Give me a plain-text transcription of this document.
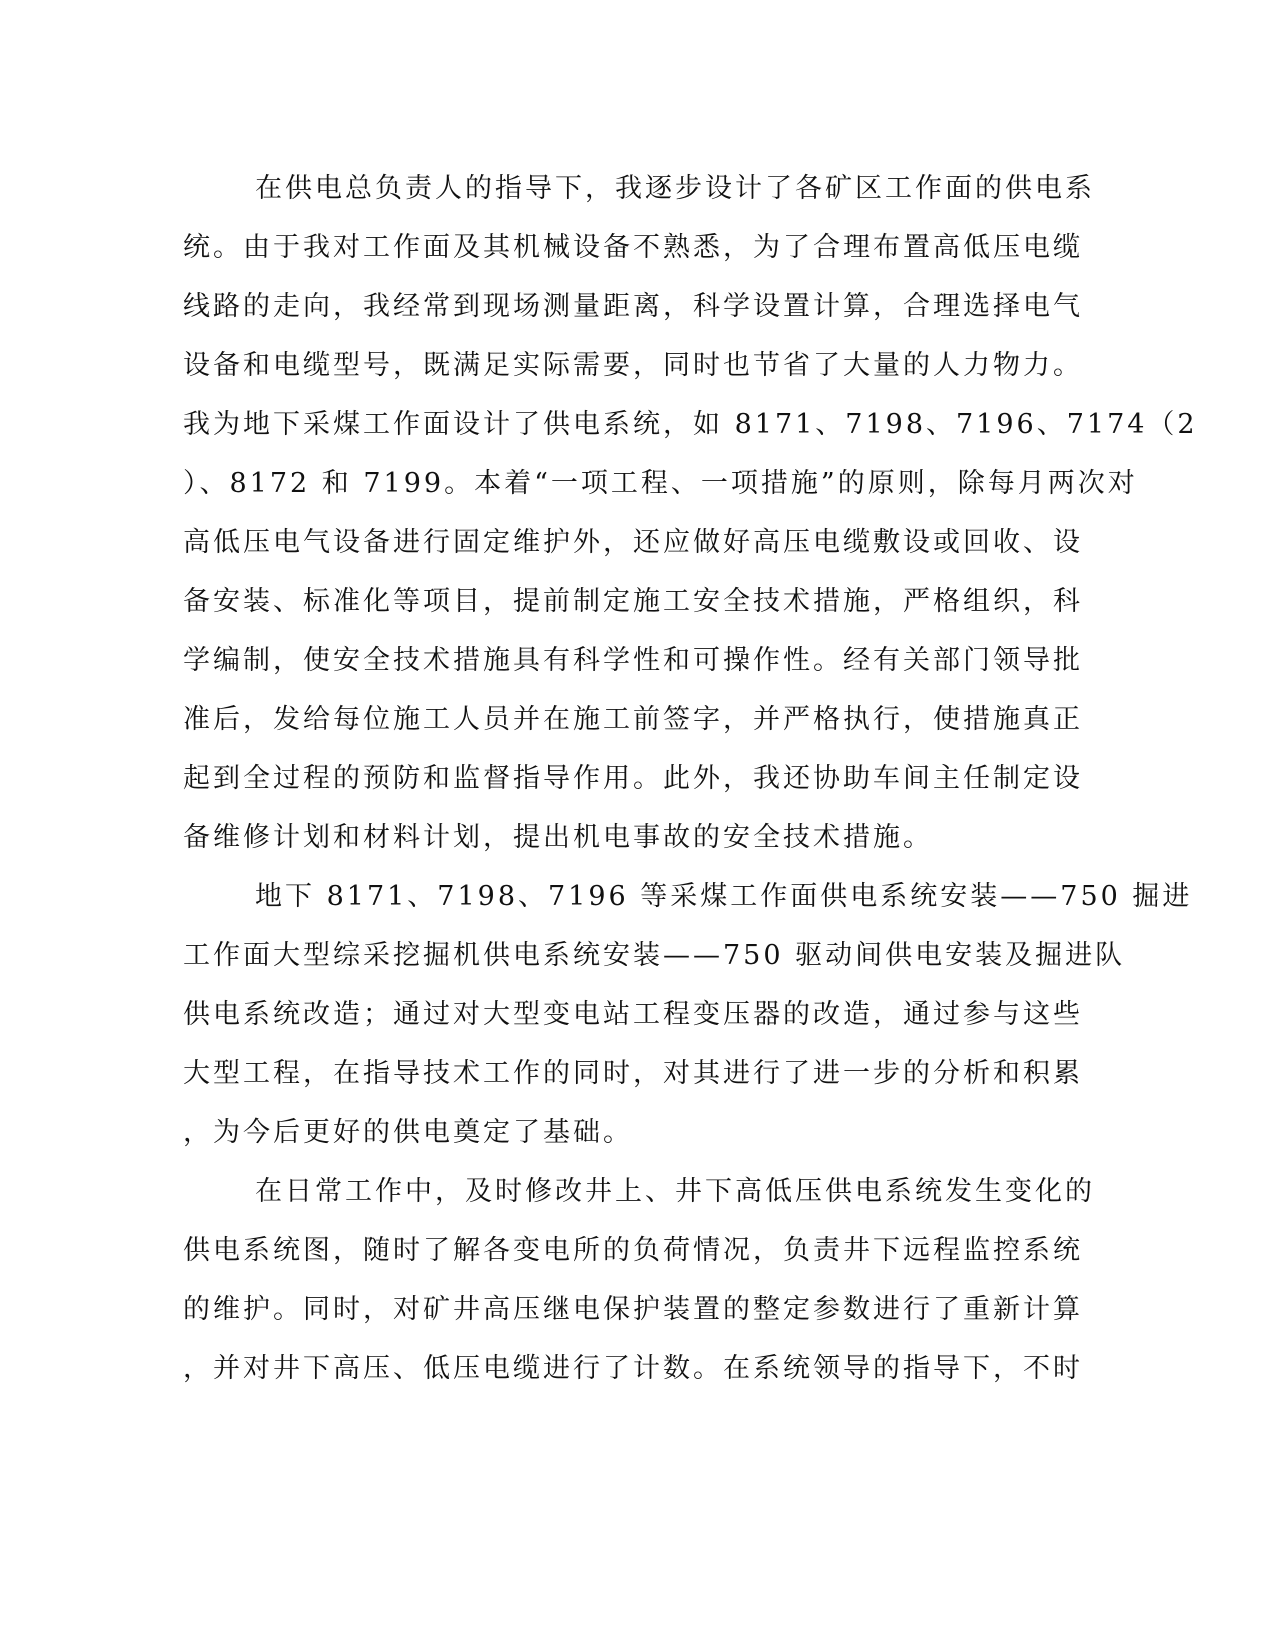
在供电总负责人的指导下，我逐步设计了各矿区工作面的供电系
统。由于我对工作面及其机械设备不熟悉，为了合理布置高低压电缆
线路的走向，我经常到现场测量距离，科学设置计算，合理选择电气
设备和电缆型号，既满足实际需要，同时也节省了大量的人力物力。
我为地下采煤工作面设计了供电系统，如 8171、7198、7196、7174（2
）、8172 和 7199。本着“一项工程、一项措施”的原则，除每月两次对
高低压电气设备进行固定维护外，还应做好高压电缆敷设或回收、设
备安装、标准化等项目，提前制定施工安全技术措施，严格组织，科
学编制，使安全技术措施具有科学性和可操作性。经有关部门领导批
准后，发给每位施工人员并在施工前签字，并严格执行，使措施真正
起到全过程的预防和监督指导作用。此外，我还协助车间主任制定设
备维修计划和材料计划，提出机电事故的安全技术措施。
地下 8171、7198、7196 等采煤工作面供电系统安装——750 掘进
工作面大型综采挖掘机供电系统安装——750 驱动间供电安装及掘进队
供电系统改造；通过对大型变电站工程变压器的改造，通过参与这些
大型工程，在指导技术工作的同时，对其进行了进一步的分析和积累
，为今后更好的供电奠定了基础。
在日常工作中，及时修改井上、井下高低压供电系统发生变化的
供电系统图，随时了解各变电所的负荷情况，负责井下远程监控系统
的维护。同时，对矿井高压继电保护装置的整定参数进行了重新计算
，并对井下高压、低压电缆进行了计数。在系统领导的指导下，不时
